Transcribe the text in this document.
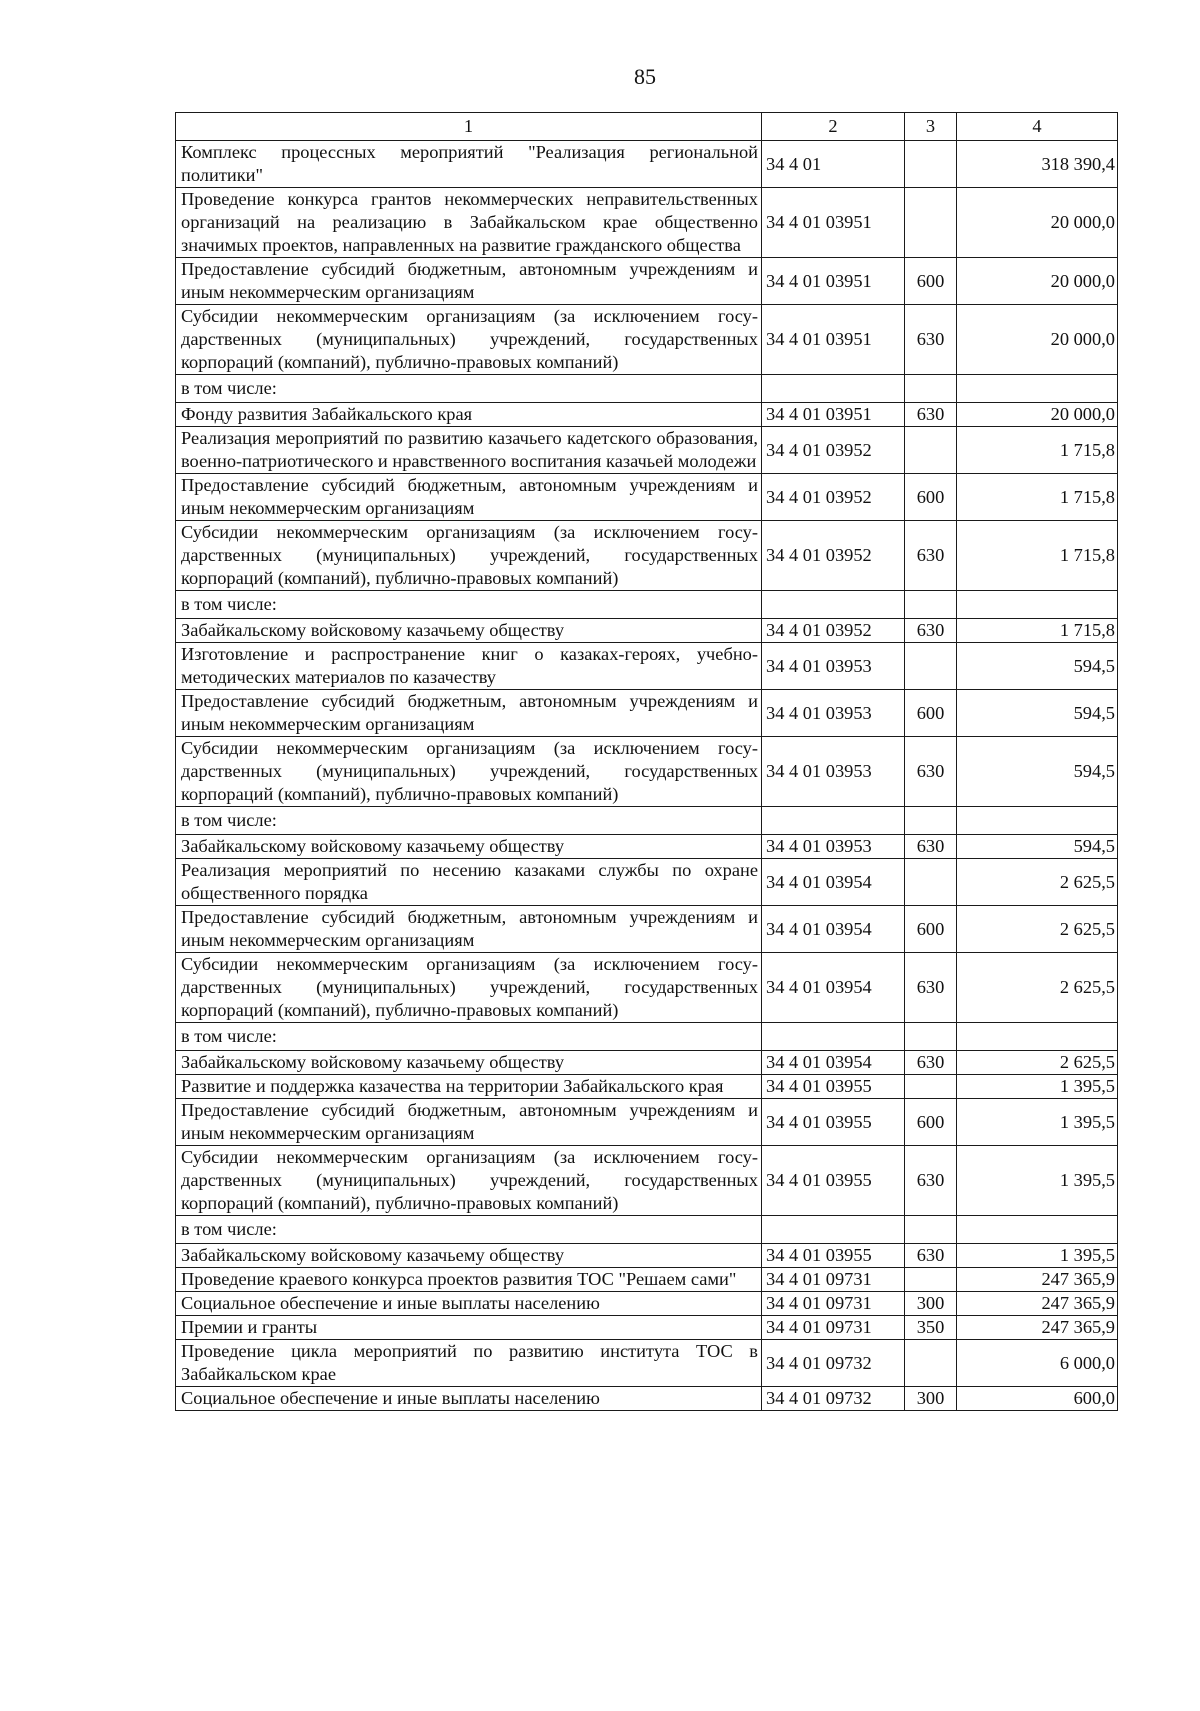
85
1	2	3	4
Комплекс процессных мероприятий "Реализация региональной политики"	34 4 01		318 390,4
Проведение конкурса грантов некоммерческих неправительственных организаций на реализацию в Забайкальском крае общественно значимых проектов, направленных на развитие гражданского общества	34 4 01 03951		20 000,0
Предоставление субсидий бюджетным, автономным учреждениям и иным некоммерческим организациям	34 4 01 03951	600	20 000,0
Субсидии некоммерческим организациям (за исключением государственных (муниципальных) учреждений, государственных корпораций (компаний), публично-правовых компаний)	34 4 01 03951	630	20 000,0
в том числе:			
Фонду развития Забайкальского края	34 4 01 03951	630	20 000,0
Реализация мероприятий по развитию казачьего кадетского образования, военно-патриотического и нравственного воспитания казачьей молодежи	34 4 01 03952		1 715,8
Предоставление субсидий бюджетным, автономным учреждениям и иным некоммерческим организациям	34 4 01 03952	600	1 715,8
Субсидии некоммерческим организациям (за исключением государственных (муниципальных) учреждений, государственных корпораций (компаний), публично-правовых компаний)	34 4 01 03952	630	1 715,8
в том числе:			
Забайкальскому войсковому казачьему обществу	34 4 01 03952	630	1 715,8
Изготовление и распространение книг о казаках-героях, учебно-методических материалов по казачеству	34 4 01 03953		594,5
Предоставление субсидий бюджетным, автономным учреждениям и иным некоммерческим организациям	34 4 01 03953	600	594,5
Субсидии некоммерческим организациям (за исключением государственных (муниципальных) учреждений, государственных корпораций (компаний), публично-правовых компаний)	34 4 01 03953	630	594,5
в том числе:			
Забайкальскому войсковому казачьему обществу	34 4 01 03953	630	594,5
Реализация мероприятий по несению казаками службы по охране общественного порядка	34 4 01 03954		2 625,5
Предоставление субсидий бюджетным, автономным учреждениям и иным некоммерческим организациям	34 4 01 03954	600	2 625,5
Субсидии некоммерческим организациям (за исключением государственных (муниципальных) учреждений, государственных корпораций (компаний), публично-правовых компаний)	34 4 01 03954	630	2 625,5
в том числе:			
Забайкальскому войсковому казачьему обществу	34 4 01 03954	630	2 625,5
Развитие и поддержка казачества на территории Забайкальского края	34 4 01 03955		1 395,5
Предоставление субсидий бюджетным, автономным учреждениям и иным некоммерческим организациям	34 4 01 03955	600	1 395,5
Субсидии некоммерческим организациям (за исключением государственных (муниципальных) учреждений, государственных корпораций (компаний), публично-правовых компаний)	34 4 01 03955	630	1 395,5
в том числе:			
Забайкальскому войсковому казачьему обществу	34 4 01 03955	630	1 395,5
Проведение краевого конкурса проектов развития ТОС "Решаем сами"	34 4 01 09731		247 365,9
Социальное обеспечение и иные выплаты населению	34 4 01 09731	300	247 365,9
Премии и гранты	34 4 01 09731	350	247 365,9
Проведение цикла мероприятий по развитию института ТОС в Забайкальском крае	34 4 01 09732		6 000,0
Социальное обеспечение и иные выплаты населению	34 4 01 09732	300	600,0
